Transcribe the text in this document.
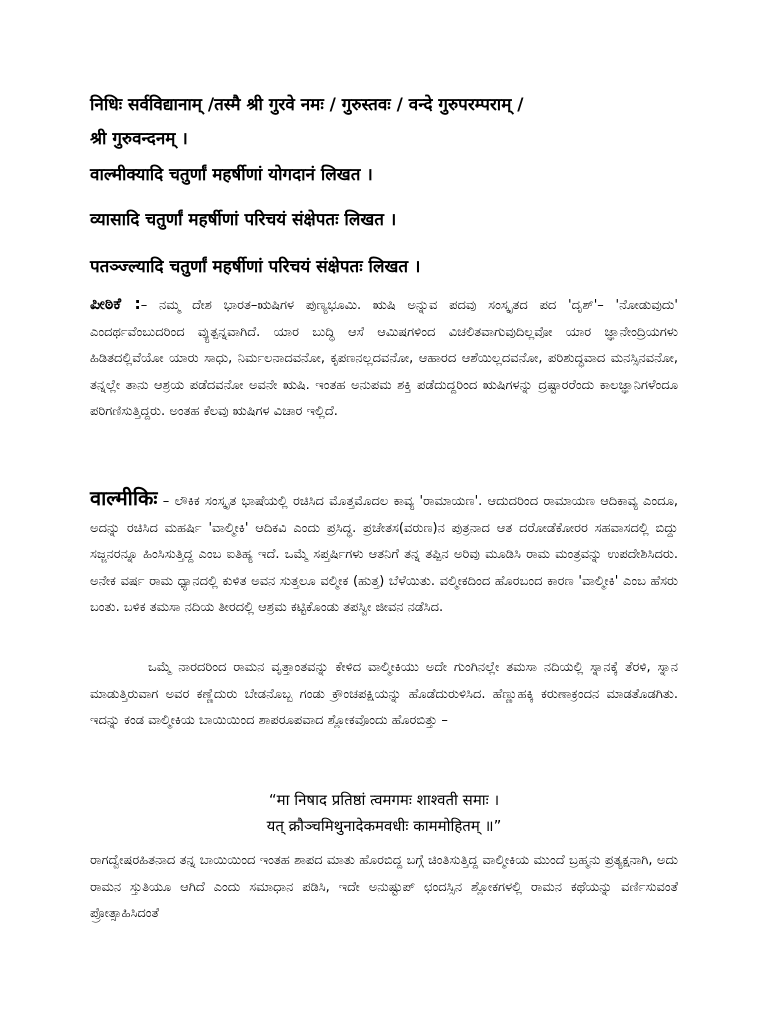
निधिः सर्वविद्यानाम् /तस्मै श्री गुरवे नमः / गुरुस्तवः / वन्दे गुरुपरम्पराम् /
श्री गुरुवन्दनम् ।
वाल्मीक्यादि चतुर्णां महर्षीणां योगदानं लिखत ।
व्यासादि चतुर्णां महर्षीणां परिचयं संक्षेपतः लिखत ।
पतञ्ज्ल्यादि चतुर्णां महर्षीणां परिचयं संक्षेपतः लिखत ।
ಪೀಠಿಕೆ :– ನಮ್ಮ ದೇಶ ಭಾರತ–ಋಷಿಗಳ ಪುಣ್ಯಭೂಮಿ. ಋಷಿ ಅನ್ನುವ ಪದವು ಸಂಸ್ಕೃತದ ಪದ 'ದೃಶ್'– 'ನೋಡುವುದು' ಎಂದರ್ಥವೆಂಬುದರಿಂದ ವ್ಯುತ್ಪನ್ನವಾಗಿದೆ. ಯಾರ ಬುದ್ಧಿ ಆಸೆ ಆಮಿಷಗಳಿಂದ ವಿಚಲಿತವಾಗುವುದಿಲ್ಲವೋ ಯಾರ ಜ್ಞಾನೇಂದ್ರಿಯಗಳು ಹಿಡಿತದಲ್ಲಿವೆಯೋ ಯಾರು ಸಾಧು, ನಿರ್ಮಲನಾದವನೋ, ಕೃಪಣನಲ್ಲದವನೋ, ಆಹಾರದ ಆಶೆಯಿಲ್ಲದವನೋ, ಪರಿಶುದ್ಧವಾದ ಮನಸ್ಸಿನವನೋ, ತನ್ನಲ್ಲೇ ತಾನು ಆಶ್ರಯ ಪಡೆದವನೋ ಅವನೇ ಋಷಿ. ಇಂತಹ ಅನುಪಮ ಶಕ್ತಿ ಪಡೆದುದ್ದರಿಂದ ಋಷಿಗಳನ್ನು ದ್ರಷ್ಟಾರರೆಂದು ಕಾಲಜ್ಞಾನಿಗಳೆಂದೂ ಪರಿಗಣಿಸುತ್ತಿದ್ದರು. ಅಂತಹ ಕೆಲವು ಋಷಿಗಳ ವಿಚಾರ ಇಲ್ಲಿದೆ.
वाल्मीकिः – ಲೌಕಿಕ ಸಂಸ್ಕೃತ ಭಾಷೆಯಲ್ಲಿ ರಚಿಸಿದ ಮೊತ್ತಮೊದಲ ಕಾವ್ಯ 'ರಾಮಾಯಣ'. ಆದುದರಿಂದ ರಾಮಾಯಣ ಆದಿಕಾವ್ಯ ಎಂದೂ, ಅದನ್ನು ರಚಿಸಿದ ಮಹರ್ಷಿ 'ವಾಲ್ಮೀಕಿ' ಆದಿಕವಿ ಎಂದು ಪ್ರಸಿದ್ಧ. ಪ್ರಚೇತಸ(ವರುಣ)ನ ಪುತ್ರನಾದ ಆತ ದರೋಡೆಕೋರರ ಸಹವಾಸದಲ್ಲಿ ಬಿದ್ದು ಸಜ್ಜನರನ್ನೂ ಹಿಂಸಿಸುತ್ತಿದ್ದ ಎಂಬ ಐತಿಹ್ಯ ಇದೆ. ಒಮ್ಮೆ ಸಪ್ತರ್ಷಿಗಳು ಆತನಿಗೆ ತನ್ನ ತಪ್ಪಿನ ಅರಿವು ಮೂಡಿಸಿ ರಾಮ ಮಂತ್ರವನ್ನು ಉಪದೇಶಿಸಿದರು. ಅನೇಕ ವರ್ಷ ರಾಮ ಧ್ಯಾನದಲ್ಲಿ ಕುಳಿತ ಅವನ ಸುತ್ತಲೂ ವಲ್ಮೀಕ (ಹುತ್ತ) ಬೆಳೆಯಿತು. ವಲ್ಮೀಕದಿಂದ ಹೊರಬಂದ ಕಾರಣ 'ವಾಲ್ಮೀಕಿ' ಎಂಬ ಹೆಸರು ಬಂತು. ಬಳಿಕ ತಮಸಾ ನದಿಯ ತೀರದಲ್ಲಿ ಆಶ್ರಮ ಕಟ್ಟಿಕೊಂಡು ತಪಸ್ವೀ ಜೀವನ ನಡೆಸಿದ.
ಒಮ್ಮೆ ನಾರದರಿಂದ ರಾಮನ ವೃತ್ತಾಂತವನ್ನು ಕೇಳಿದ ವಾಲ್ಮೀಕಿಯು ಅದೇ ಗುಂಗಿನಲ್ಲೇ ತಮಸಾ ನದಿಯಲ್ಲಿ ಸ್ನಾನಕ್ಕೆ ತೆರಳಿ, ಸ್ನಾನ ಮಾಡುತ್ತಿರುವಾಗ ಅವರ ಕಣ್ಣೆದುರು ಬೇಡನೊಬ್ಬ ಗಂಡು ಕ್ರೌಂಚಪಕ್ಷಿಯನ್ನು ಹೊಡೆದುರುಳಿಸಿದ. ಹೆಣ್ಣುಹಕ್ಕಿ ಕರುಣಾಕ್ರಂದನ ಮಾಡತೊಡಗಿತು. ಇದನ್ನು ಕಂಡ ವಾಲ್ಮೀಕಿಯ ಬಾಯಿಯಿಂದ ಶಾಪರೂಪವಾದ ಶ್ಲೋಕವೊಂದು ಹೊರಬಿತ್ತು –
“मा निषाद प्रतिष्ठां त्वमगमः शाश्वती समाः ।
यत् क्रौञ्चमिथुनादेकमवधीः काममोहितम् ॥”
ರಾಗದ್ವೇಷರಹಿತನಾದ ತನ್ನ ಬಾಯಿಯಿಂದ ಇಂತಹ ಶಾಪದ ಮಾತು ಹೊರಬಿದ್ದ ಬಗ್ಗೆ ಚಿಂತಿಸುತ್ತಿದ್ದ ವಾಲ್ಮೀಕಿಯ ಮುಂದೆ ಬ್ರಹ್ಮನು ಪ್ರತ್ಯಕ್ಷನಾಗಿ, ಅದು ರಾಮನ ಸ್ತುತಿಯೂ ಆಗಿದೆ ಎಂದು ಸಮಾಧಾನ ಪಡಿಸಿ, ಇದೇ ಅನುಷ್ಟುಪ್ ಛಂದಸ್ಸಿನ ಶ್ಲೋಕಗಳಲ್ಲಿ ರಾಮನ ಕಥೆಯನ್ನು ವರ್ಣಿಸುವಂತೆ ಪ್ರೋತ್ಸಾಹಿಸಿದಂತೆ
